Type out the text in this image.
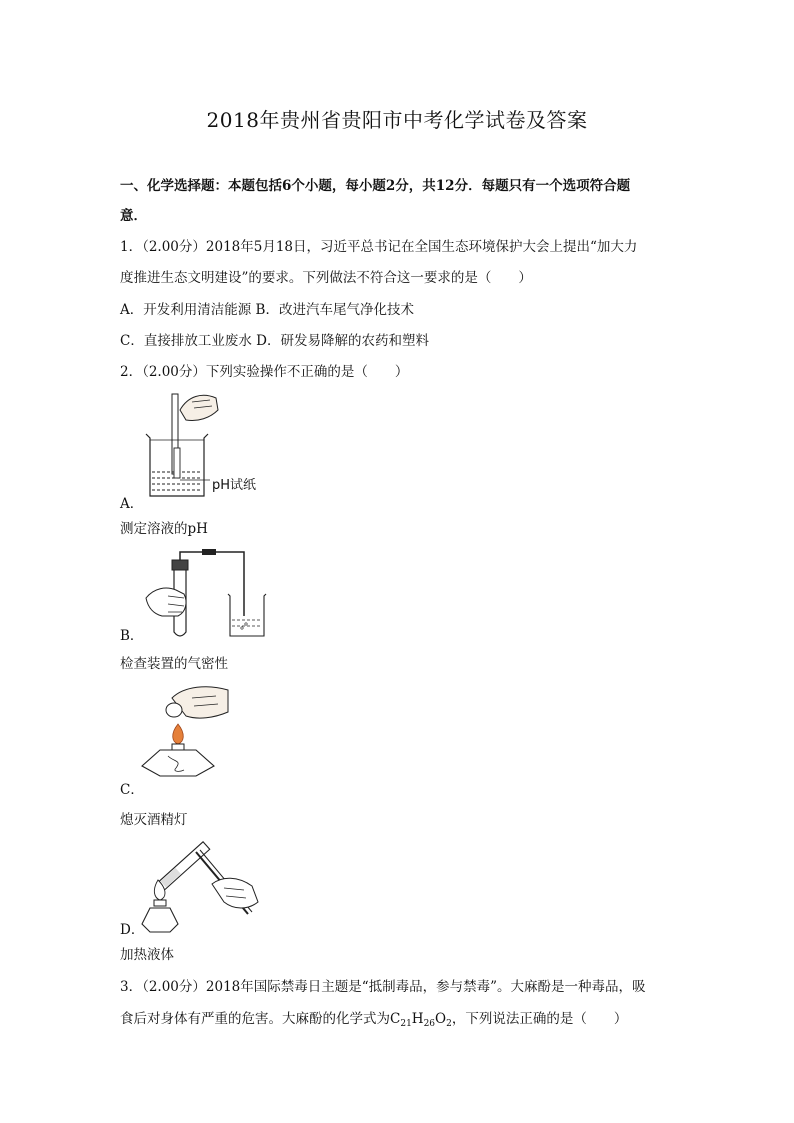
2018年贵州省贵阳市中考化学试卷及答案
一、化学选择题：本题包括6个小题，每小题2分，共12分．每题只有一个选项符合题
意．
1．（2.00分）2018年5月18日，习近平总书记在全国生态环境保护大会上提出“加大力
度推进生态文明建设”的要求。下列做法不符合这一要求的是（　　）
A．开发利用清洁能源 B．改进汽车尾气净化技术
C．直接排放工业废水 D．研发易降解的农药和塑料
2．（2.00分）下列实验操作不正确的是（　　）
pH试纸
A．
测定溶液的pH
B．
检查装置的气密性
C．
熄灭酒精灯
D．
加热液体
3．（2.00分）2018年国际禁毒日主题是“抵制毒品，参与禁毒”。大麻酚是一种毒品，吸
食后对身体有严重的危害。大麻酚的化学式为$C_{21}H_{26}O_2$，下列说法正确的是（　　）
